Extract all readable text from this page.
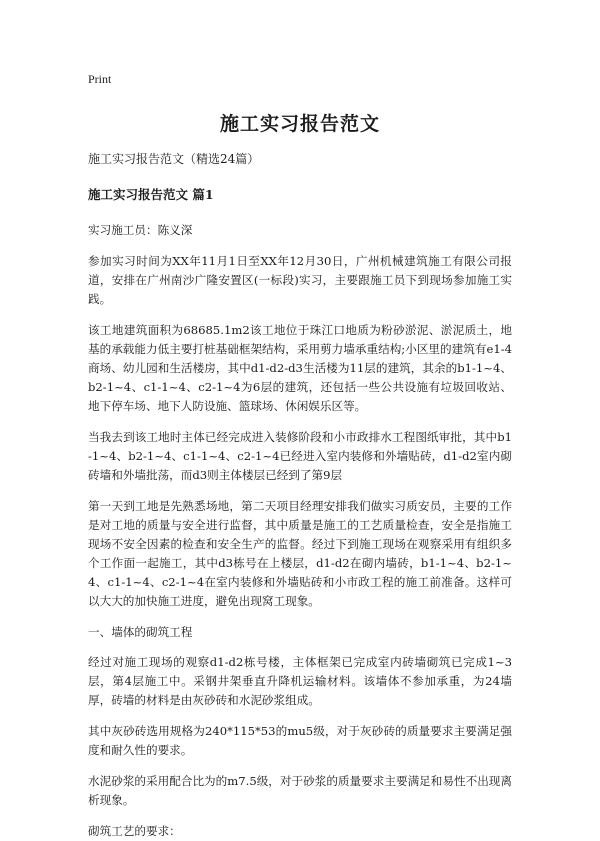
Print
施工实习报告范文

施工实习报告范文（精选24篇）

施工实习报告范文 篇1

实习施工员：陈义深

参加实习时间为XX年11月1日至XX年12月30日，广州机械建筑施工有限公司报道，安排在广州南沙广隆安置区(一标段)实习，主要跟施工员下到现场参加施工实践。

该工地建筑面积为68685.1m2该工地位于珠江口地质为粉砂淤泥、淤泥质土，地基的承载能力低主要打桩基础框架结构，采用剪力墙承重结构;小区里的建筑有e1-4商场、幼儿园和生活楼房，其中d1-d2-d3生活楼为11层的建筑，其余的b1-1~4、b2-1~4、c1-1~4、c2-1~4为6层的建筑，还包括一些公共设施有垃圾回收站、地下停车场、地下人防设施、篮球场、休闲娱乐区等。

当我去到该工地时主体已经完成进入装修阶段和小市政排水工程图纸审批，其中b1-1~4、b2-1~4、c1-1~4、c2-1~4已经进入室内装修和外墙贴砖，d1-d2室内砌砖墙和外墙批荡，而d3则主体楼层已经到了第9层

第一天到工地是先熟悉场地，第二天项目经理安排我们做实习质安员，主要的工作是对工地的质量与安全进行监督，其中质量是施工的工艺质量检查，安全是指施工现场不安全因素的检查和安全生产的监督。经过下到施工现场在观察采用有组织多个工作面一起施工，其中d3栋号在上楼层，d1-d2在砌内墙砖，b1-1~4、b2-1~4、c1-1~4、c2-1~4在室内装修和外墙贴砖和小市政工程的施工前准备。这样可以大大的加快施工进度，避免出现窝工现象。

一、墙体的砌筑工程

经过对施工现场的观察d1-d2栋号楼，主体框架已完成室内砖墙砌筑已完成1~3层，第4层施工中。采钢井架垂直升降机运输材料。该墙体不参加承重，为24墙厚，砖墙的材料是由灰砂砖和水泥砂浆组成。

其中灰砂砖选用规格为240*115*53的mu5级，对于灰砂砖的质量要求主要满足强度和耐久性的要求。

水泥砂浆的采用配合比为的m7.5级，对于砂浆的质量要求主要满足和易性不出现离析现象。

砌筑工艺的要求：
